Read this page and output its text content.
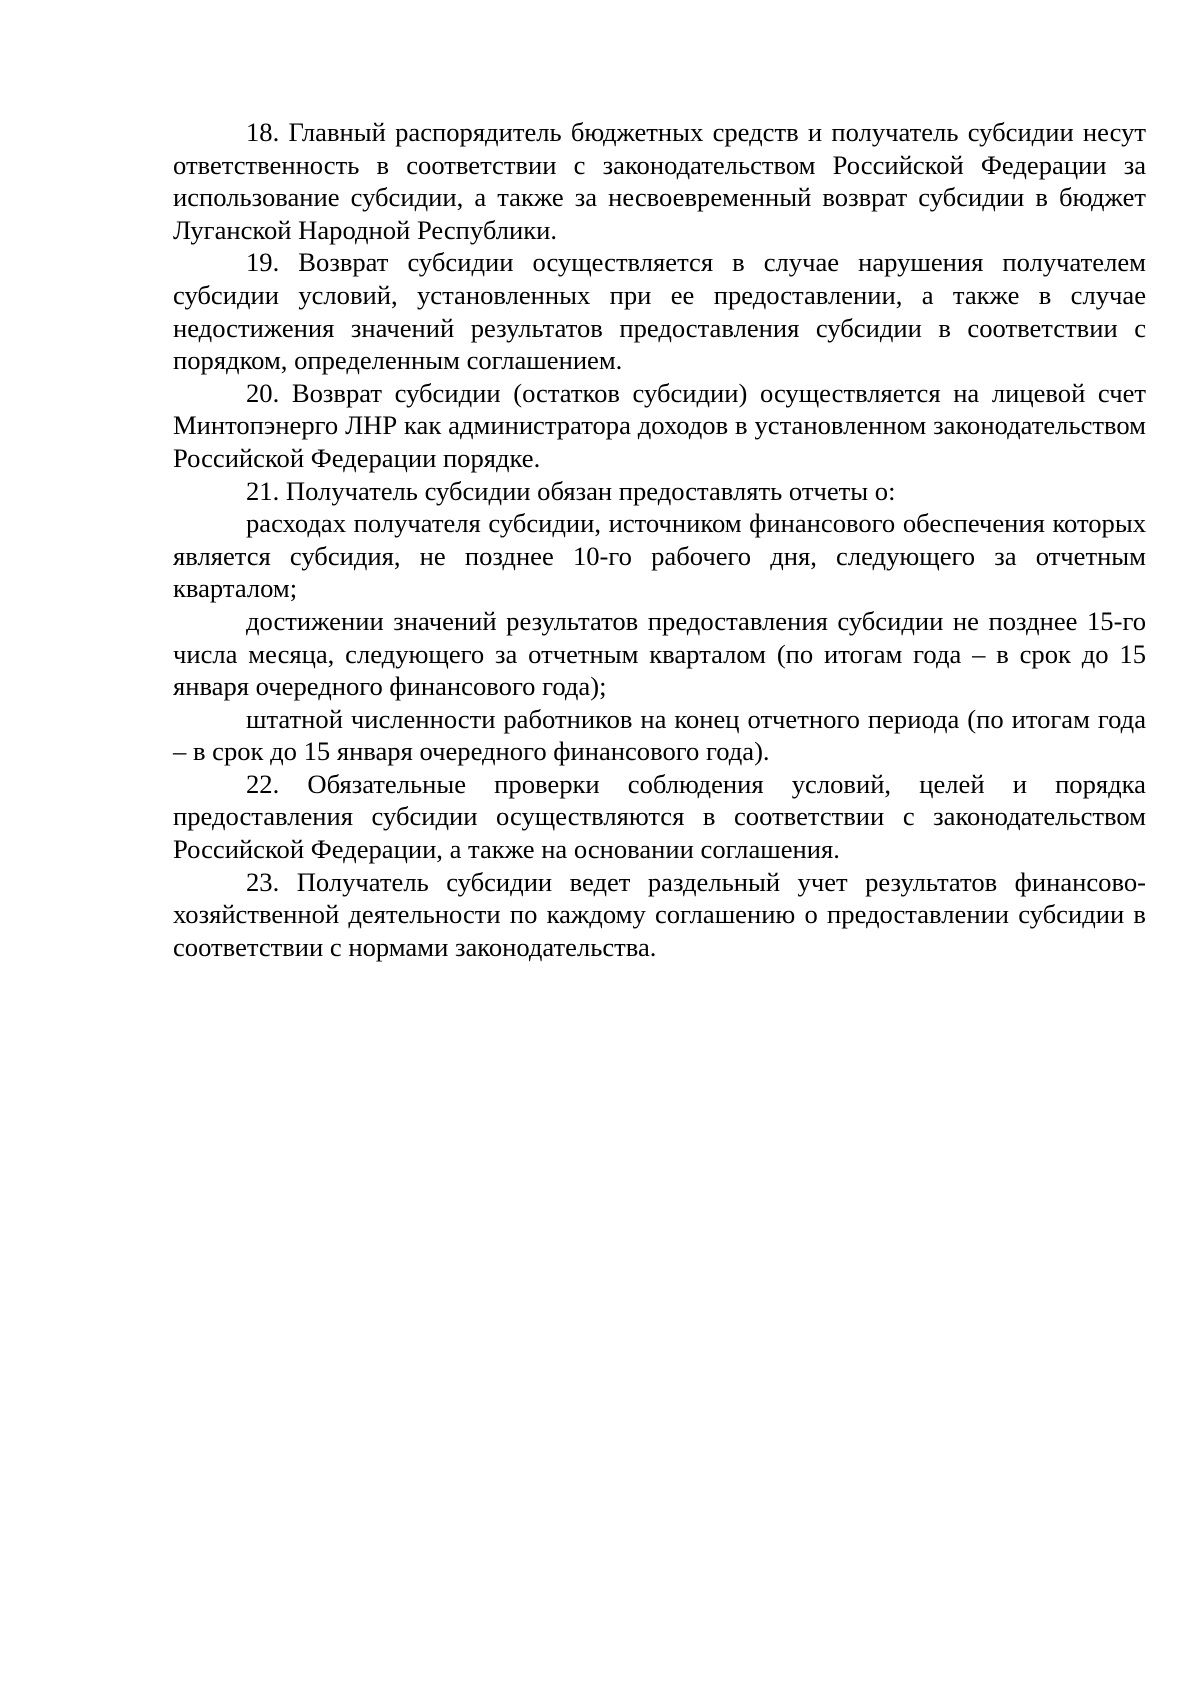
18. Главный распорядитель бюджетных средств и получатель субсидии несут ответственность в соответствии с законодательством Российской Федерации за использование субсидии, а также за несвоевременный возврат субсидии в бюджет Луганской Народной Республики.

19. Возврат субсидии осуществляется в случае нарушения получателем субсидии условий, установленных при ее предоставлении, а также в случае недостижения значений результатов предоставления субсидии в соответствии с порядком, определенным соглашением.

20. Возврат субсидии (остатков субсидии) осуществляется на лицевой счет Минтопэнерго ЛНР как администратора доходов в установленном законодательством Российской Федерации порядке.

21. Получатель субсидии обязан предоставлять отчеты о:

расходах получателя субсидии, источником финансового обеспечения которых является субсидия, не позднее 10-го рабочего дня, следующего за отчетным кварталом;

достижении значений результатов предоставления субсидии не позднее 15-го числа месяца, следующего за отчетным кварталом (по итогам года – в срок до 15 января очередного финансового года);

штатной численности работников на конец отчетного периода (по итогам года – в срок до 15 января очередного финансового года).

22. Обязательные проверки соблюдения условий, целей и порядка предоставления субсидии осуществляются в соответствии с законодательством Российской Федерации, а также на основании соглашения.

23. Получатель субсидии ведет раздельный учет результатов финансово-хозяйственной деятельности по каждому соглашению о предоставлении субсидии в соответствии с нормами законодательства.
